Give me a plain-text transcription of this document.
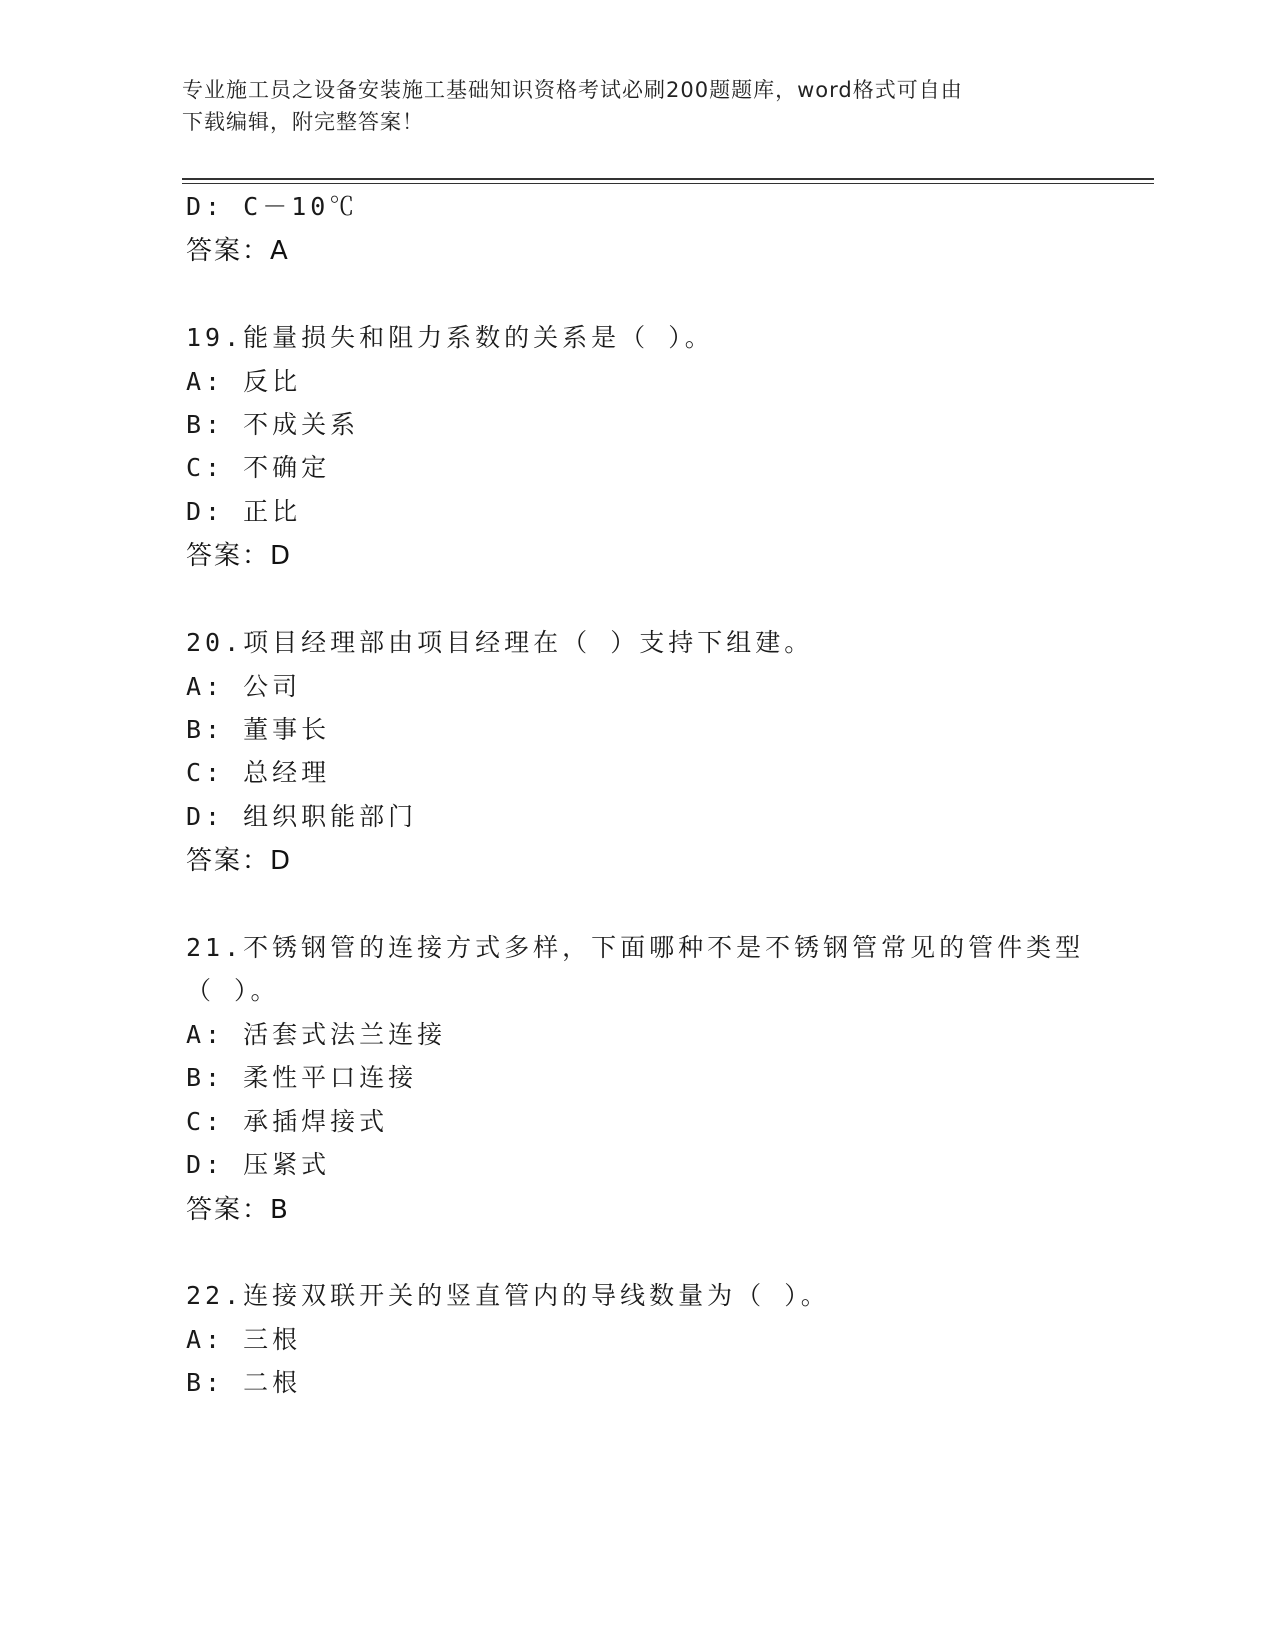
专业施工员之设备安装施工基础知识资格考试必刷200题题库，word格式可自由
下载编辑，附完整答案！
D: C－10℃
答案：A
19.能量损失和阻力系数的关系是（ ）。
A: 反比
B: 不成关系
C: 不确定
D: 正比
答案：D
20.项目经理部由项目经理在（ ）支持下组建。
A: 公司
B: 董事长
C: 总经理
D: 组织职能部门
答案：D
21.不锈钢管的连接方式多样，下面哪种不是不锈钢管常见的管件类型
（ ）。
A: 活套式法兰连接
B: 柔性平口连接
C: 承插焊接式
D: 压紧式
答案：B
22.连接双联开关的竖直管内的导线数量为（ ）。
A: 三根
B: 二根
